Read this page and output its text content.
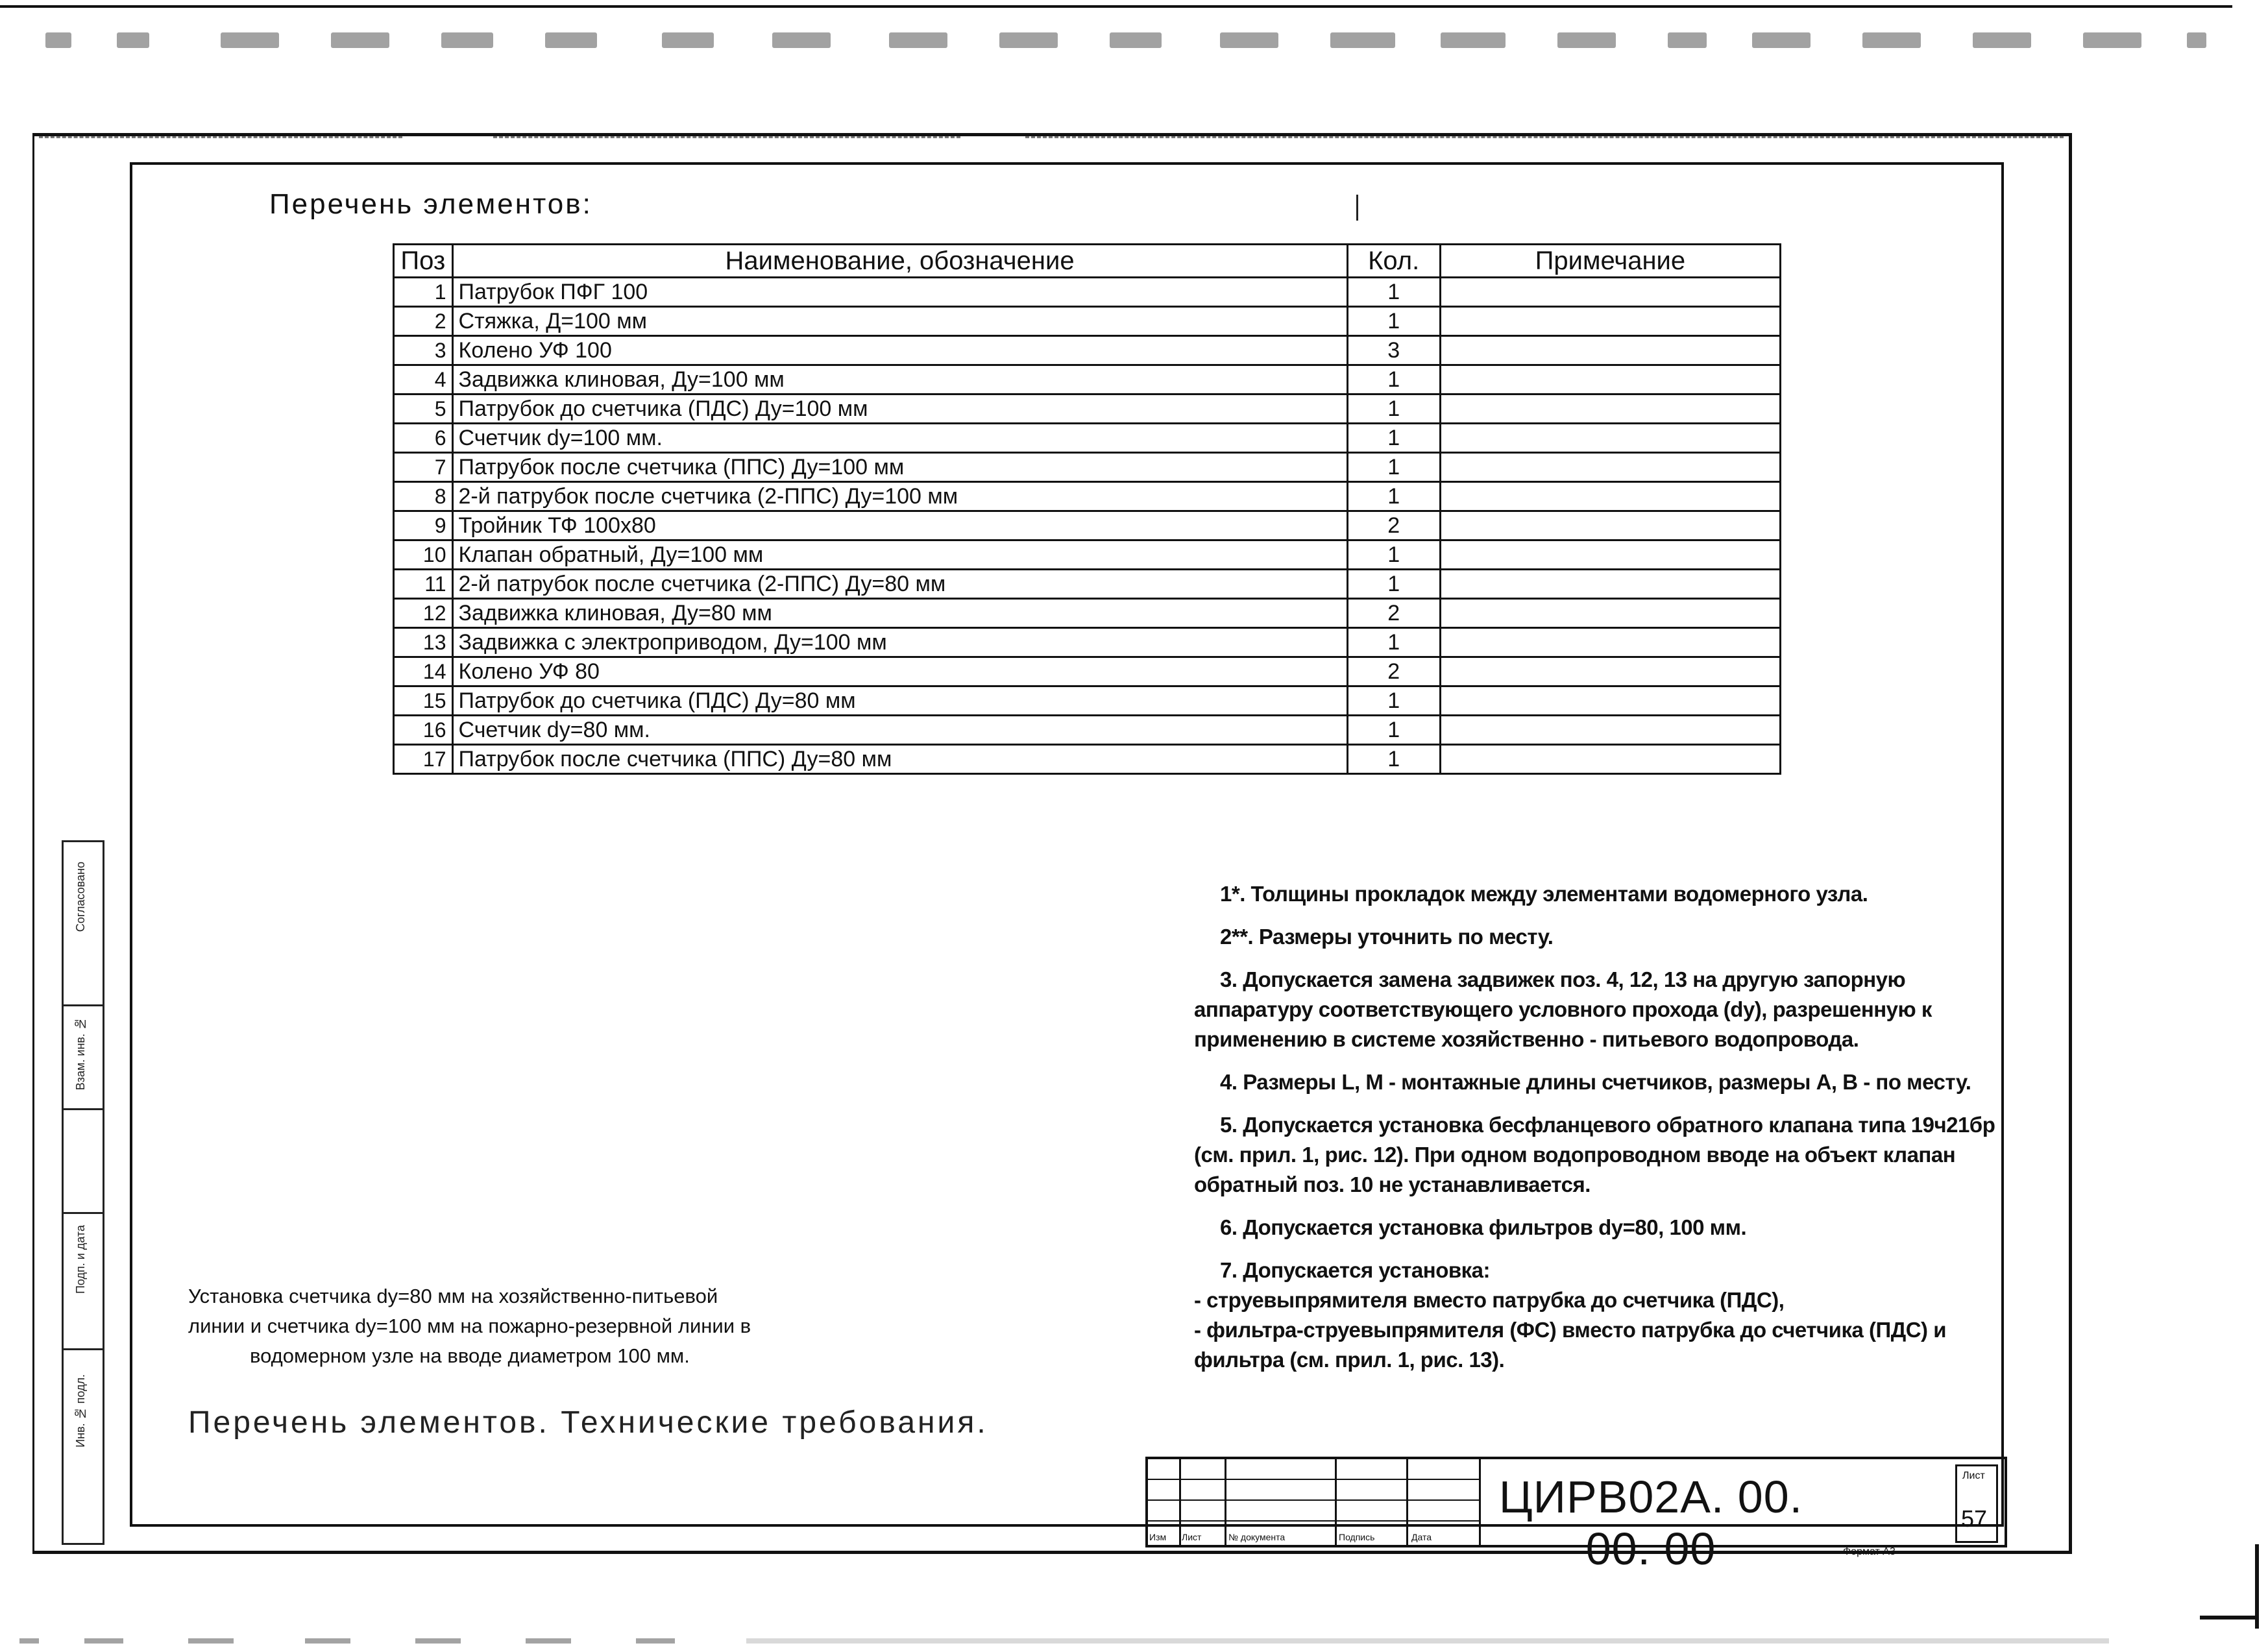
Согласовано
Взам. инв. №
Подп. и дата
Инв. № подл.
Перечень элементов:
Поз	Наименование, обозначение	Кол.	Примечание
1	Патрубок ПФГ 100	1	
2	Стяжка, Д=100 мм	1	
3	Колено УФ 100	3	
4	Задвижка клиновая, Ду=100 мм	1	
5	Патрубок до счетчика (ПДС) Ду=100 мм	1	
6	Счетчик dy=100 мм.	1	
7	Патрубок после счетчика (ППС) Ду=100 мм	1	
8	2-й патрубок после счетчика (2-ППС) Ду=100 мм	1	
9	Тройник ТФ 100х80	2	
10	Клапан обратный, Ду=100 мм	1	
11	2-й патрубок после счетчика (2-ППС) Ду=80 мм	1	
12	Задвижка клиновая, Ду=80 мм	2	
13	Задвижка с электроприводом, Ду=100 мм	1	
14	Колено УФ 80	2	
15	Патрубок до счетчика (ПДС) Ду=80 мм	1	
16	Счетчик dy=80 мм.	1	
17	Патрубок после счетчика (ППС) Ду=80 мм	1	

1*. Толщины прокладок между элементами водомерного узла.

2**. Размеры уточнить по месту.

3. Допускается замена задвижек поз. 4, 12, 13 на другую запорную аппаратуру соответствующего условного прохода (dy), разрешенную к применению в системе хозяйственно - питьевого водопровода.

4. Размеры L, M - монтажные длины счетчиков, размеры А, В - по месту.

5. Допускается установка бесфланцевого обратного клапана типа 19ч21бр (см. прил. 1, рис. 12). При одном водопроводном вводе на объект клапан обратный поз. 10 не устанавливается.

6. Допускается установка фильтров dy=80, 100 мм.

7. Допускается установка:

- струевыпрямителя вместо патрубка до счетчика (ПДС),

- фильтра-струевыпрямителя (ФС) вместо патрубка до счетчика (ПДС) и фильтра (см. прил. 1, рис. 13).

Установка счетчика dy=80 мм на хозяйственно-питьевой
линии и счетчика dy=100 мм на пожарно-резервной линии в
водомерном узле на вводе диаметром 100 мм.
Перечень элементов. Технические требования.
Изм Лист	№ документа	Подпись	Дата
ЦИРВ02А. 00. 00. 00
Лист
57
Формат А3
